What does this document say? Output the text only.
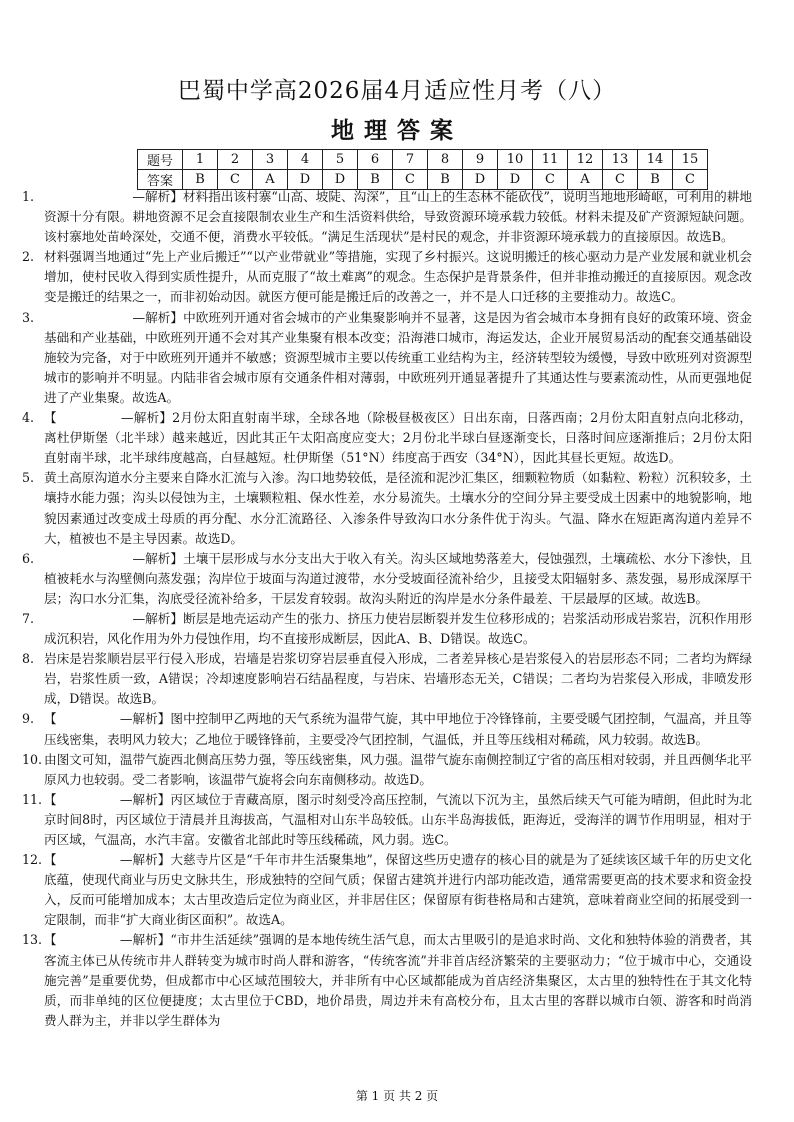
巴蜀中学高2026届4月适应性月考（八）
地理答案
题号	1	2	3	4	5	6	7	8	9	10	11	12	13	14	15
答案	B	C	A	D	D	B	C	B	D	D	C	A	C	B	C
1. 　　　　　　　—解析】材料指出该村寨“山高、坡陡、沟深”，且“山上的生态林不能砍伐”，说明当地地形崎岖，可利用的耕地资源十分有限。耕地资源不足会直接限制农业生产和生活资料供给，导致资源环境承载力较低。材料未提及矿产资源短缺问题。该村寨地处苗岭深处，交通不便，消费水平较低。“满足生活现状”是村民的观念，并非资源环境承载力的直接原因。故选B。
2. 材料强调当地通过“先上产业后搬迁”“以产业带就业”等措施，实现了乡村振兴。这说明搬迁的核心驱动力是产业发展和就业机会增加，使村民收入得到实质性提升，从而克服了“故土难离”的观念。生态保护是背景条件，但并非推动搬迁的直接原因。观念改变是搬迁的结果之一，而非初始动因。就医方便可能是搬迁后的改善之一，并不是人口迁移的主要推动力。故选C。
3. 　　　　　　　—解析】中欧班列开通对省会城市的产业集聚影响并不显著，这是因为省会城市本身拥有良好的政策环境、资金基础和产业基础，中欧班列开通不会对其产业集聚有根本改变；沿海港口城市，海运发达，企业开展贸易活动的配套交通基础设施较为完备，对于中欧班列开通并不敏感；资源型城市主要以传统重工业结构为主，经济转型较为缓慢，导致中欧班列对资源型城市的影响并不明显。内陆非省会城市原有交通条件相对薄弱，中欧班列开通显著提升了其通达性与要素流动性，从而更强地促进了产业集聚。故选A。
4. 【　　　　　—解析】2月份太阳直射南半球，全球各地（除极昼极夜区）日出东南，日落西南；2月份太阳直射点向北移动，离杜伊斯堡（北半球）越来越近，因此其正午太阳高度应变大；2月份北半球白昼逐渐变长，日落时间应逐渐推后；2月份太阳直射南半球，北半球纬度越高，白昼越短。杜伊斯堡（51°N）纬度高于西安（34°N），因此其昼长更短。故选D。
5. 黄土高原沟道水分主要来自降水汇流与入渗。沟口地势较低，是径流和泥沙汇集区，细颗粒物质（如黏粒、粉粒）沉积较多，土壤持水能力强；沟头以侵蚀为主，土壤颗粒粗、保水性差，水分易流失。土壤水分的空间分异主要受成土因素中的地貌影响，地貌因素通过改变成土母质的再分配、水分汇流路径、入渗条件导致沟口水分条件优于沟头。气温、降水在短距离沟道内差异不大，植被也不是主导因素。故选D。
6. 　　　　　　　—解析】土壤干层形成与水分支出大于收入有关。沟头区域地势落差大，侵蚀强烈，土壤疏松、水分下渗快，且植被耗水与沟壁侧向蒸发强；沟岸位于坡面与沟道过渡带，水分受坡面径流补给少，且接受太阳辐射多、蒸发强，易形成深厚干层；沟口水分汇集，沟底受径流补给多，干层发育较弱。故沟头附近的沟岸是水分条件最差、干层最厚的区域。故选B。
7. 　　　　　　　—解析】断层是地壳运动产生的张力、挤压力使岩层断裂并发生位移形成的；岩浆活动形成岩浆岩，沉积作用形成沉积岩，风化作用为外力侵蚀作用，均不直接形成断层，因此A、B、D错误。故选C。
8. 岩床是岩浆顺岩层平行侵入形成，岩墙是岩浆切穿岩层垂直侵入形成，二者差异核心是岩浆侵入的岩层形态不同；二者均为辉绿岩，岩浆性质一致，A错误；冷却速度影响岩石结晶程度，与岩床、岩墙形态无关，C错误；二者均为岩浆侵入形成，非喷发形成，D错误。故选B。
9. 【　　　　　—解析】图中控制甲乙两地的天气系统为温带气旋，其中甲地位于冷锋锋前，主要受暖气团控制，气温高，并且等压线密集，表明风力较大；乙地位于暖锋锋前，主要受冷气团控制，气温低，并且等压线相对稀疏，风力较弱。故选B。
10. 由图文可知，温带气旋西北侧高压势力强，等压线密集，风力强。温带气旋东南侧控制辽宁省的高压相对较弱，并且西侧华北平原风力也较弱。受二者影响，该温带气旋将会向东南侧移动。故选D。
11. 【　　　　　—解析】丙区域位于青藏高原，图示时刻受冷高压控制，气流以下沉为主，虽然后续天气可能为晴朗，但此时为北京时间8时，丙区域位于清晨并且海拔高，气温相对山东半岛较低。山东半岛海拔低，距海近，受海洋的调节作用明显，相对于丙区域，气温高，水汽丰富。安徽省北部此时等压线稀疏，风力弱。选C。
12. 【　　　　　—解析】大慈寺片区是“千年市井生活聚集地”，保留这些历史遗存的核心目的就是为了延续该区域千年的历史文化底蕴，使现代商业与历史文脉共生，形成独特的空间气质；保留古建筑并进行内部功能改造，通常需要更高的技术要求和资金投入，反而可能增加成本；太古里改造后定位为商业区，并非居住区；保留原有街巷格局和古建筑，意味着商业空间的拓展受到一定限制，而非“扩大商业街区面积”。故选A。
13. 【　　　　　—解析】“市井生活延续”强调的是本地传统生活气息，而太古里吸引的是追求时尚、文化和独特体验的消费者，其客流主体已从传统市井人群转变为城市时尚人群和游客，“传统客流”并非首店经济繁荣的主要驱动力；“位于城市中心，交通设施完善”是重要优势，但成都市中心区域范围较大，并非所有中心区域都能成为首店经济集聚区，太古里的独特性在于其文化特质，而非单纯的区位便捷度；太古里位于CBD，地价昂贵，周边并未有高校分布，且太古里的客群以城市白领、游客和时尚消费人群为主，并非以学生群体为
第 1 页 共 2 页
